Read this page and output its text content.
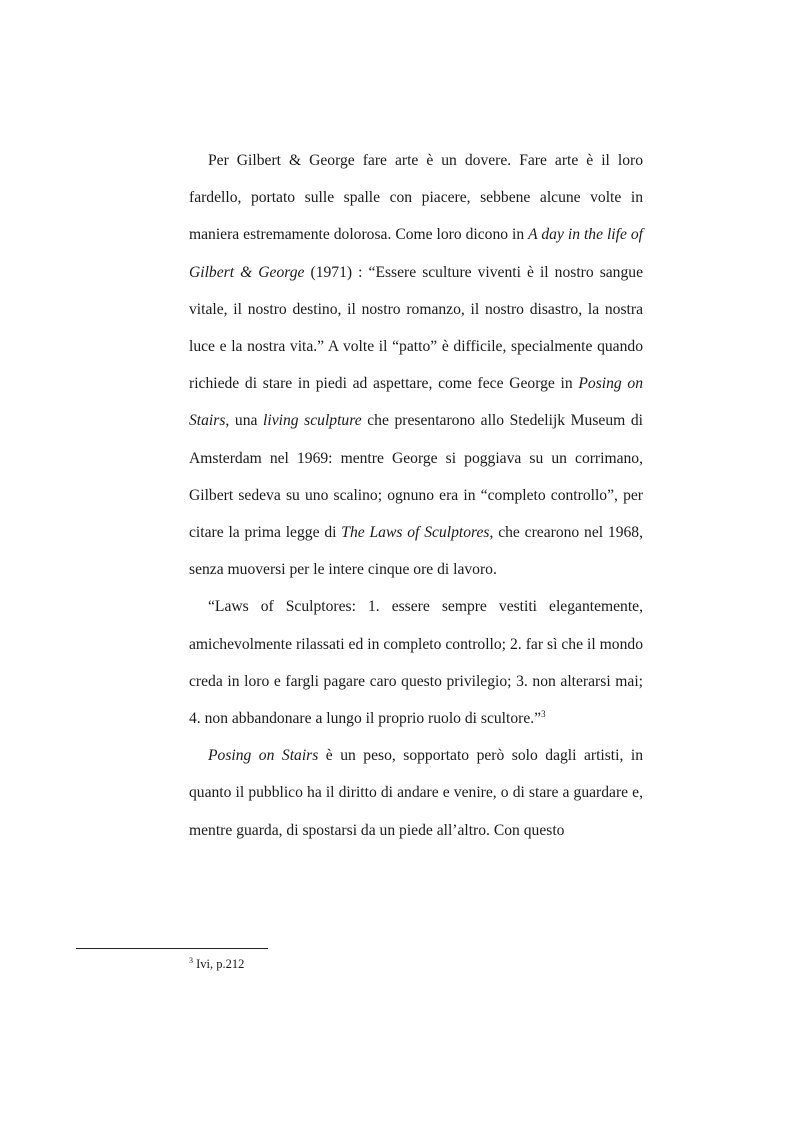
Per Gilbert & George fare arte è un dovere. Fare arte è il loro fardello, portato sulle spalle con piacere, sebbene alcune volte in maniera estremamente dolorosa. Come loro dicono in A day in the life of Gilbert & George (1971) : “Essere sculture viventi è il nostro sangue vitale, il nostro destino, il nostro romanzo, il nostro disastro, la nostra luce e la nostra vita.” A volte il “patto” è difficile, specialmente quando richiede di stare in piedi ad aspettare, come fece George in Posing on Stairs, una living sculpture che presentarono allo Stedelijk Museum di Amsterdam nel 1969: mentre George si poggiava su un corrimano, Gilbert sedeva su uno scalino; ognuno era in “completo controllo”, per citare la prima legge di The Laws of Sculptores, che crearono nel 1968, senza muoversi per le intere cinque ore di lavoro.

“Laws of Sculptores: 1. essere sempre vestiti elegantemente, amichevolmente rilassati ed in completo controllo; 2. far sì che il mondo creda in loro e fargli pagare caro questo privilegio; 3. non alterarsi mai; 4. non abbandonare a lungo il proprio ruolo di scultore.”$^3$

Posing on Stairs è un peso, sopportato però solo dagli artisti, in quanto il pubblico ha il diritto di andare e venire, o di stare a guardare e, mentre guarda, di spostarsi da un piede all’altro. Con questo

$^3$ Ivi, p.212
